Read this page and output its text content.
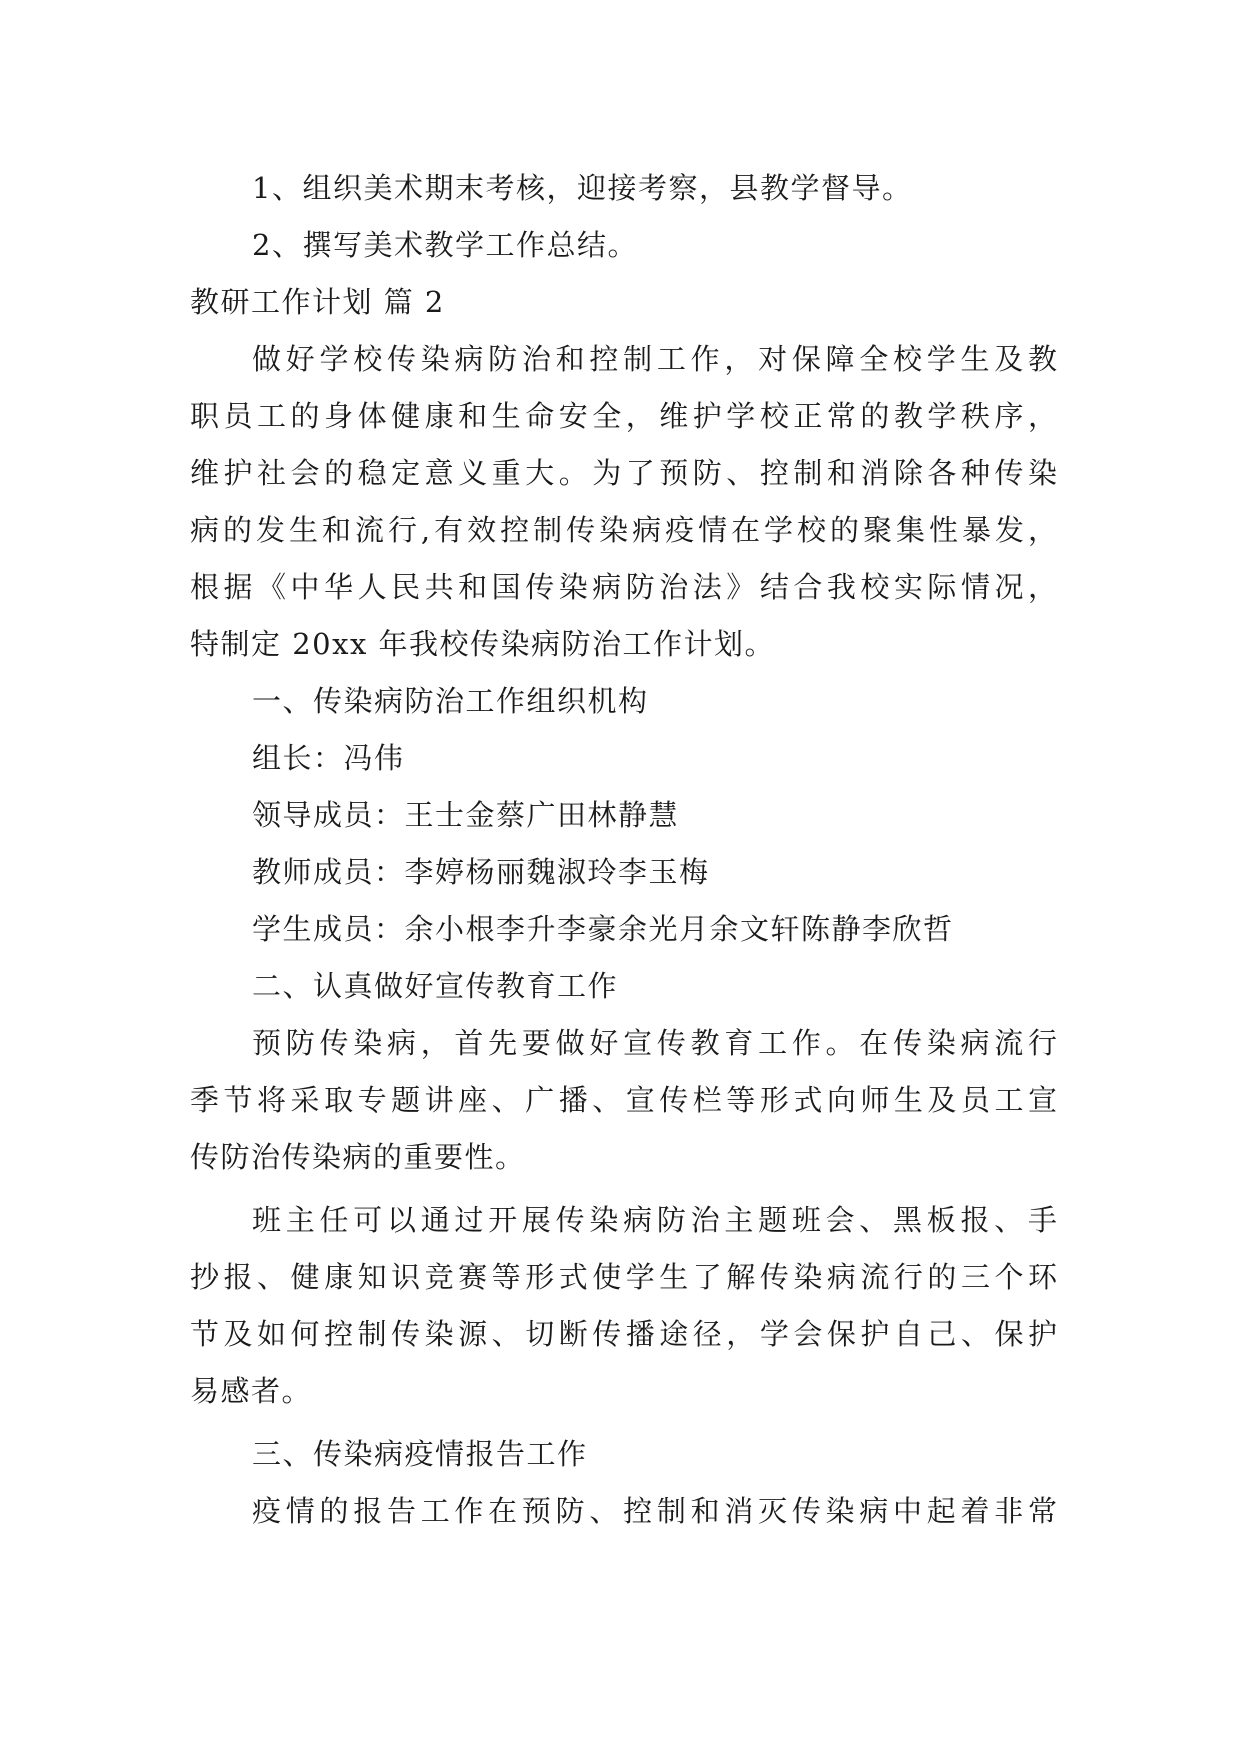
1、组织美术期末考核，迎接考察，县教学督导。
2、撰写美术教学工作总结。
教研工作计划 篇 2
做好学校传染病防治和控制工作，对保障全校学生及教
职员工的身体健康和生命安全，维护学校正常的教学秩序，
维护社会的稳定意义重大。为了预防、控制和消除各种传染
病的发生和流行,有效控制传染病疫情在学校的聚集性暴发，
根据《中华人民共和国传染病防治法》结合我校实际情况，
特制定 20xx 年我校传染病防治工作计划。
一、传染病防治工作组织机构
组长：冯伟
领导成员：王士金蔡广田林静慧
教师成员：李婷杨丽魏淑玲李玉梅
学生成员：余小根李升李豪余光月余文轩陈静李欣哲
二、认真做好宣传教育工作
预防传染病，首先要做好宣传教育工作。在传染病流行
季节将采取专题讲座、广播、宣传栏等形式向师生及员工宣
传防治传染病的重要性。
班主任可以通过开展传染病防治主题班会、黑板报、手
抄报、健康知识竞赛等形式使学生了解传染病流行的三个环
节及如何控制传染源、切断传播途径，学会保护自己、保护
易感者。
三、传染病疫情报告工作
疫情的报告工作在预防、控制和消灭传染病中起着非常
